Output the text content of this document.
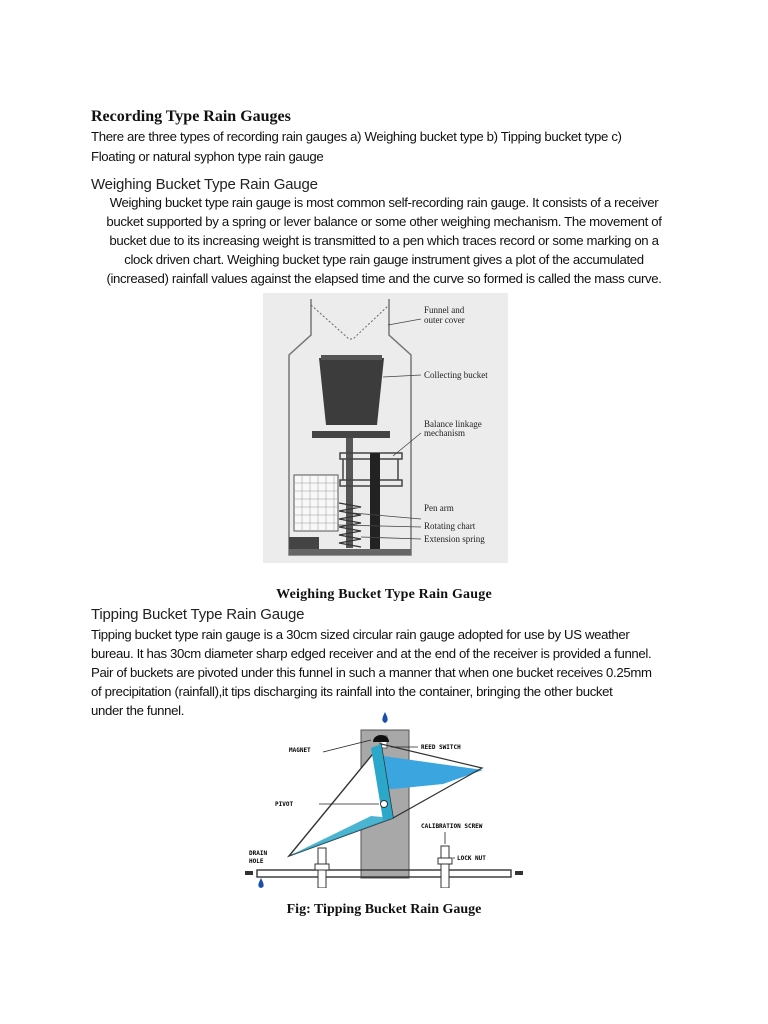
Recording Type Rain Gauges
There are three types of recording rain gauges a) Weighing bucket type b) Tipping bucket type c)
Floating or natural syphon type rain gauge
Weighing Bucket Type Rain Gauge
Weighing bucket type rain gauge is most common self-recording rain gauge. It consists of a receiver
bucket supported by a spring or lever balance or some other weighing mechanism. The movement of
bucket due to its increasing weight is transmitted to a pen which traces record or some marking on a
clock driven chart. Weighing bucket type rain gauge instrument gives a plot of the accumulated
(increased) rainfall values against the elapsed time and the curve so formed is called the mass curve.
Funnel and
outer cover
Collecting bucket
Balance linkage
mechanism
Pen arm
Rotating chart
Extension spring
Weighing Bucket Type Rain Gauge
Tipping Bucket Type Rain Gauge
Tipping bucket type rain gauge is a 30cm sized circular rain gauge adopted for use by US weather
bureau. It has 30cm diameter sharp edged receiver and at the end of the receiver is provided a funnel.
Pair of buckets are pivoted under this funnel in such a manner that when one bucket receives 0.25mm
of precipitation (rainfall),it tips discharging its rainfall into the container, bringing the other bucket
under the funnel.
MAGNET	REED SWITCH
PIVOT
CALIBRATION SCREW
DRAIN
HOLE	LOCK NUT
Fig: Tipping Bucket Rain Gauge
